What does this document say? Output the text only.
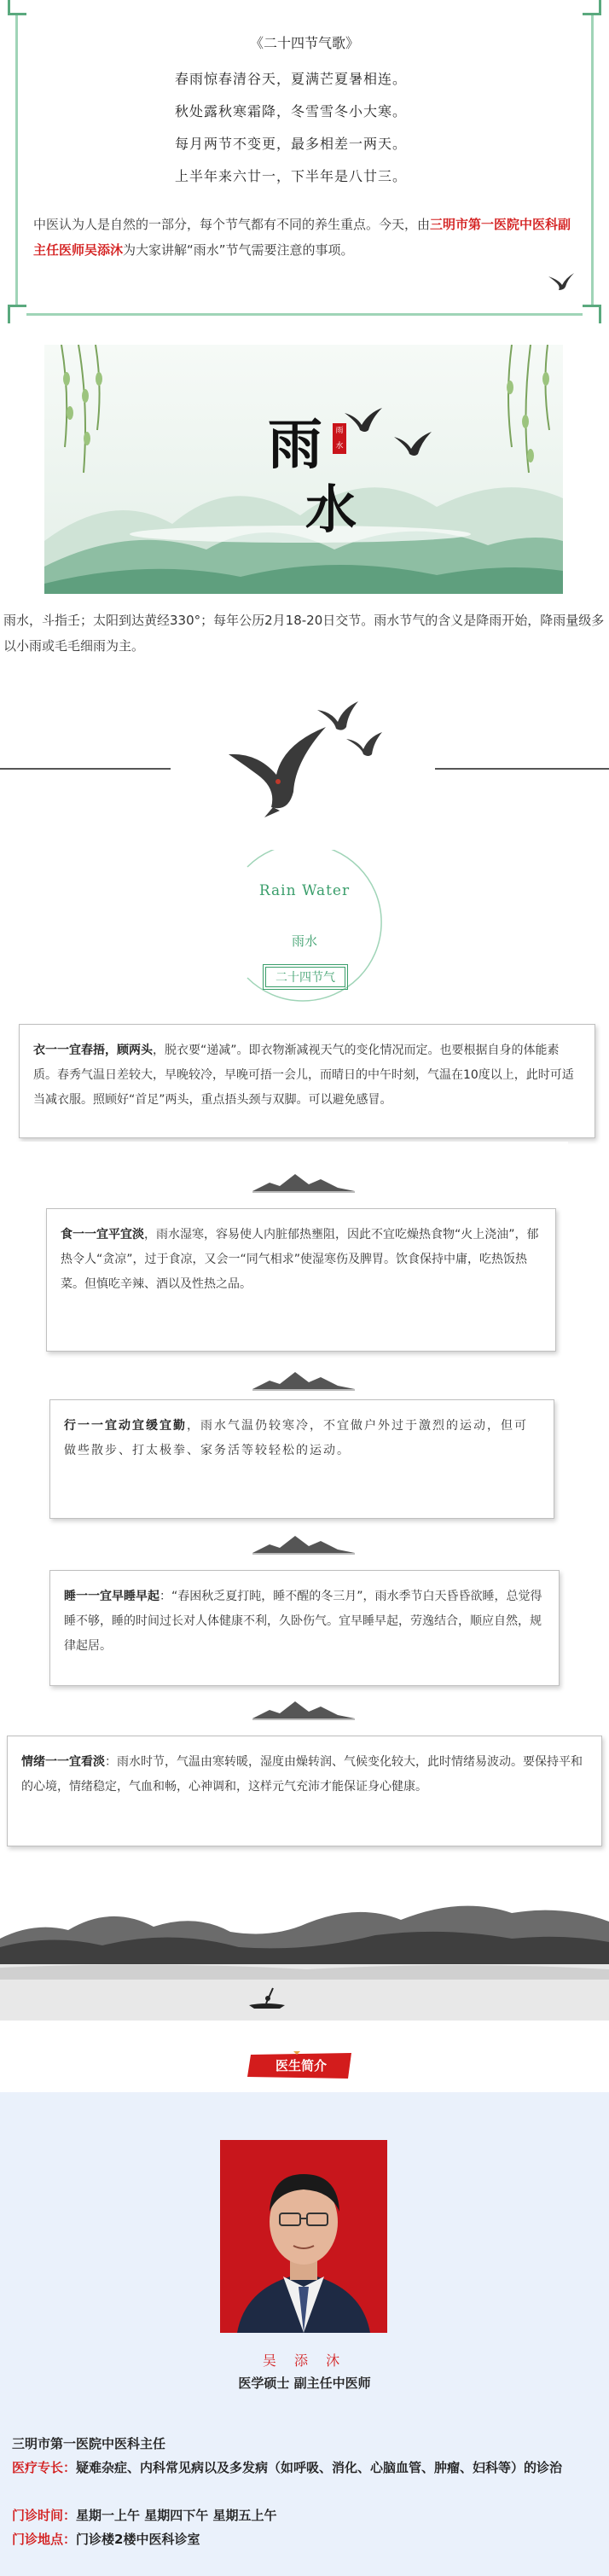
《二十四节气歌》
春雨惊春清谷天，夏满芒夏暑相连。
秋处露秋寒霜降，冬雪雪冬小大寒。
每月两节不变更，最多相差一两天。
上半年来六廿一，下半年是八廿三。
中医认为人是自然的一部分，每个节气都有不同的养生重点。今天，由三明市第一医院中医科副主任医师吴添沐为大家讲解“雨水”节气需要注意的事项。
雨
水
雨水
雨水，斗指壬；太阳到达黄经330°；每年公历2月18-20日交节。雨水节气的含义是降雨开始，降雨量级多以小雨或毛毛细雨为主。
Rain Water
雨水
二十四节气
衣一一宜春捂，顾两头，脱衣要“递减”。即衣物渐减视天气的变化情况而定。也要根据自身的体能素质。春秀气温日差较大，早晚较冷，早晚可捂一会儿，而晴日的中午时刻，气温在10度以上，此时可适当减衣服。照顾好“首足”两头，重点捂头颈与双脚。可以避免感冒。
食一一宜平宜淡，雨水湿寒，容易使人内脏郁热壅阻，因此不宜吃燥热食物“火上浇油”，郁热令人“贪凉”，过于食凉，又会一“同气相求”使湿寒伤及脾胃。饮食保持中庸，吃热饭热菜。但慎吃辛辣、酒以及性热之品。
行一一宜动宜缓宜勤，雨水气温仍较寒冷，不宜做户外过于激烈的运动，但可做些散步、打太极拳、家务活等较轻松的运动。
睡一一宜早睡早起：“春困秋乏夏打盹，睡不醒的冬三月”，雨水季节白天昏昏欲睡，总觉得睡不够，睡的时间过长对人体健康不利，久卧伤气。宜早睡早起，劳逸结合，顺应自然，规律起居。
情绪一一宜看淡：雨水时节，气温由寒转暖，湿度由燥转润、气候变化较大，此时情绪易波动。要保持平和的心境，情绪稳定，气血和畅，心神调和，这样元气充沛才能保证身心健康。
医生简介
吴 添 沐
医学硕士 副主任中医师
三明市第一医院中医科主任
医疗专长：疑难杂症、内科常见病以及多发病（如呼吸、消化、心脑血管、肿瘤、妇科等）的诊治
门诊时间：星期一上午 星期四下午 星期五上午
门诊地点：门诊楼2楼中医科诊室
